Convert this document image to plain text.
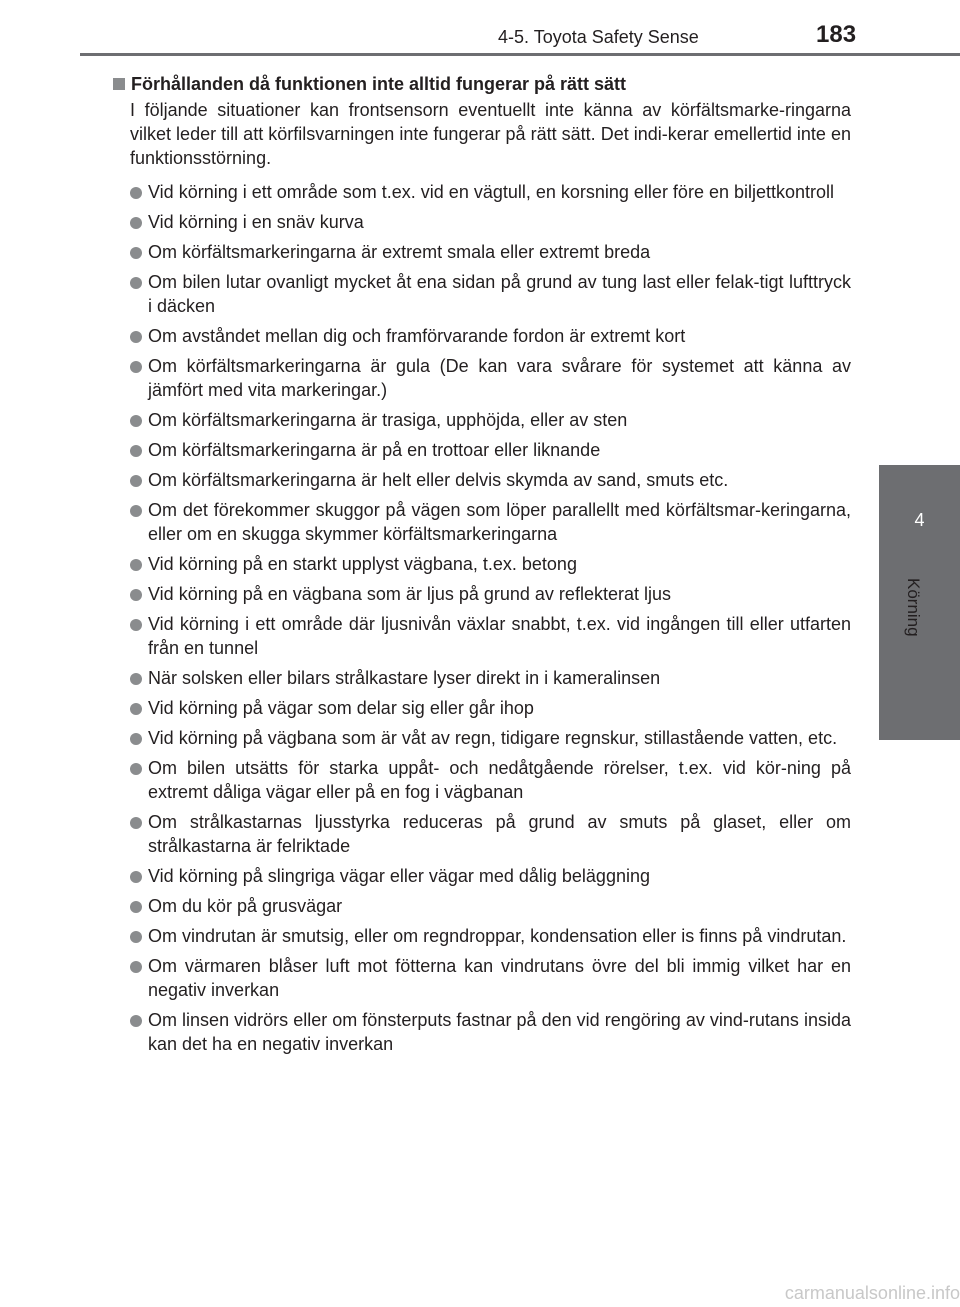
4-5. Toyota Safety Sense	183
4
Körning
Förhållanden då funktionen inte alltid fungerar på rätt sätt

I följande situationer kan frontsensorn eventuellt inte känna av körfältsmarke-ringarna vilket leder till att körfilsvarningen inte fungerar på rätt sätt. Det indi-kerar emellertid inte en funktionsstörning.

Vid körning i ett område som t.ex. vid en vägtull, en korsning eller före en biljettkontroll
Vid körning i en snäv kurva
Om körfältsmarkeringarna är extremt smala eller extremt breda
Om bilen lutar ovanligt mycket åt ena sidan på grund av tung last eller felak-tigt lufttryck i däcken
Om avståndet mellan dig och framförvarande fordon är extremt kort
Om körfältsmarkeringarna är gula (De kan vara svårare för systemet att känna av jämfört med vita markeringar.)
Om körfältsmarkeringarna är trasiga, upphöjda, eller av sten
Om körfältsmarkeringarna är på en trottoar eller liknande
Om körfältsmarkeringarna är helt eller delvis skymda av sand, smuts etc.
Om det förekommer skuggor på vägen som löper parallellt med körfältsmar-keringarna, eller om en skugga skymmer körfältsmarkeringarna
Vid körning på en starkt upplyst vägbana, t.ex. betong
Vid körning på en vägbana som är ljus på grund av reflekterat ljus
Vid körning i ett område där ljusnivån växlar snabbt, t.ex. vid ingången till eller utfarten från en tunnel
När solsken eller bilars strålkastare lyser direkt in i kameralinsen
Vid körning på vägar som delar sig eller går ihop
Vid körning på vägbana som är våt av regn, tidigare regnskur, stillastående vatten, etc.
Om bilen utsätts för starka uppåt- och nedåtgående rörelser, t.ex. vid kör-ning på extremt dåliga vägar eller på en fog i vägbanan
Om strålkastarnas ljusstyrka reduceras på grund av smuts på glaset, eller om strålkastarna är felriktade
Vid körning på slingriga vägar eller vägar med dålig beläggning
Om du kör på grusvägar
Om vindrutan är smutsig, eller om regndroppar, kondensation eller is finns på vindrutan.
Om värmaren blåser luft mot fötterna kan vindrutans övre del bli immig vilket har en negativ inverkan
Om linsen vidrörs eller om fönsterputs fastnar på den vid rengöring av vind-rutans insida kan det ha en negativ inverkan
carmanualsonline.info
